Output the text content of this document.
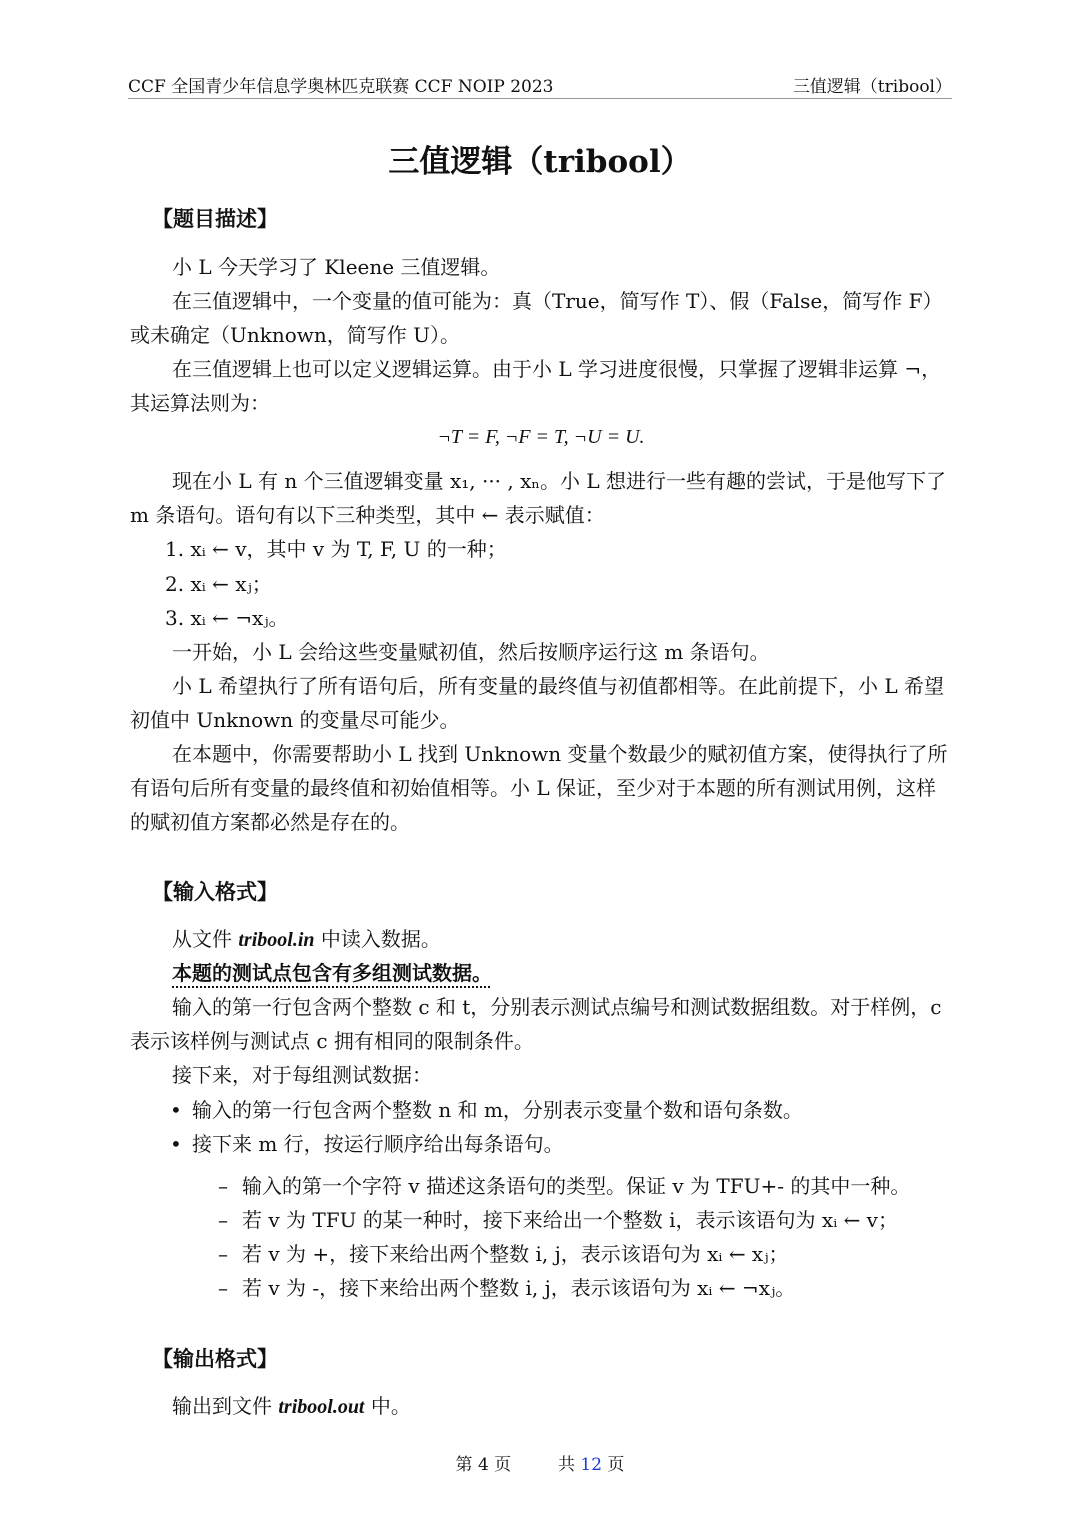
CCF 全国青少年信息学奥林匹克联赛 CCF NOIP 2023	三值逻辑（tribool）
三值逻辑（tribool）
【题目描述】
小 L 今天学习了 Kleene 三值逻辑。
在三值逻辑中，一个变量的值可能为：真（True，简写作 T）、假（False，简写作 F）或未确定（Unknown，简写作 U）。
在三值逻辑上也可以定义逻辑运算。由于小 L 学习进度很慢，只掌握了逻辑非运算 ¬，其运算法则为：
¬T = F, ¬F = T, ¬U = U.
现在小 L 有 n 个三值逻辑变量 x₁, ··· , xₙ。小 L 想进行一些有趣的尝试，于是他写下了 m 条语句。语句有以下三种类型，其中 ← 表示赋值：
1. xᵢ ← v，其中 v 为 T, F, U 的一种；
2. xᵢ ← xⱼ；
3. xᵢ ← ¬xⱼ。
一开始，小 L 会给这些变量赋初值，然后按顺序运行这 m 条语句。
小 L 希望执行了所有语句后，所有变量的最终值与初值都相等。在此前提下，小 L 希望初值中 Unknown 的变量尽可能少。
在本题中，你需要帮助小 L 找到 Unknown 变量个数最少的赋初值方案，使得执行了所有语句后所有变量的最终值和初始值相等。小 L 保证，至少对于本题的所有测试用例，这样的赋初值方案都必然是存在的。
【输入格式】
从文件 tribool.in 中读入数据。
本题的测试点包含有多组测试数据。
输入的第一行包含两个整数 c 和 t，分别表示测试点编号和测试数据组数。对于样例，c 表示该样例与测试点 c 拥有相同的限制条件。
接下来，对于每组测试数据：
• 输入的第一行包含两个整数 n 和 m，分别表示变量个数和语句条数。
• 接下来 m 行，按运行顺序给出每条语句。
– 输入的第一个字符 v 描述这条语句的类型。保证 v 为 TFU+- 的其中一种。
– 若 v 为 TFU 的某一种时，接下来给出一个整数 i，表示该语句为 xᵢ ← v；
– 若 v 为 +，接下来给出两个整数 i, j，表示该语句为 xᵢ ← xⱼ；
– 若 v 为 -，接下来给出两个整数 i, j，表示该语句为 xᵢ ← ¬xⱼ。
【输出格式】
输出到文件 tribool.out 中。
第 4 页	共 12 页
